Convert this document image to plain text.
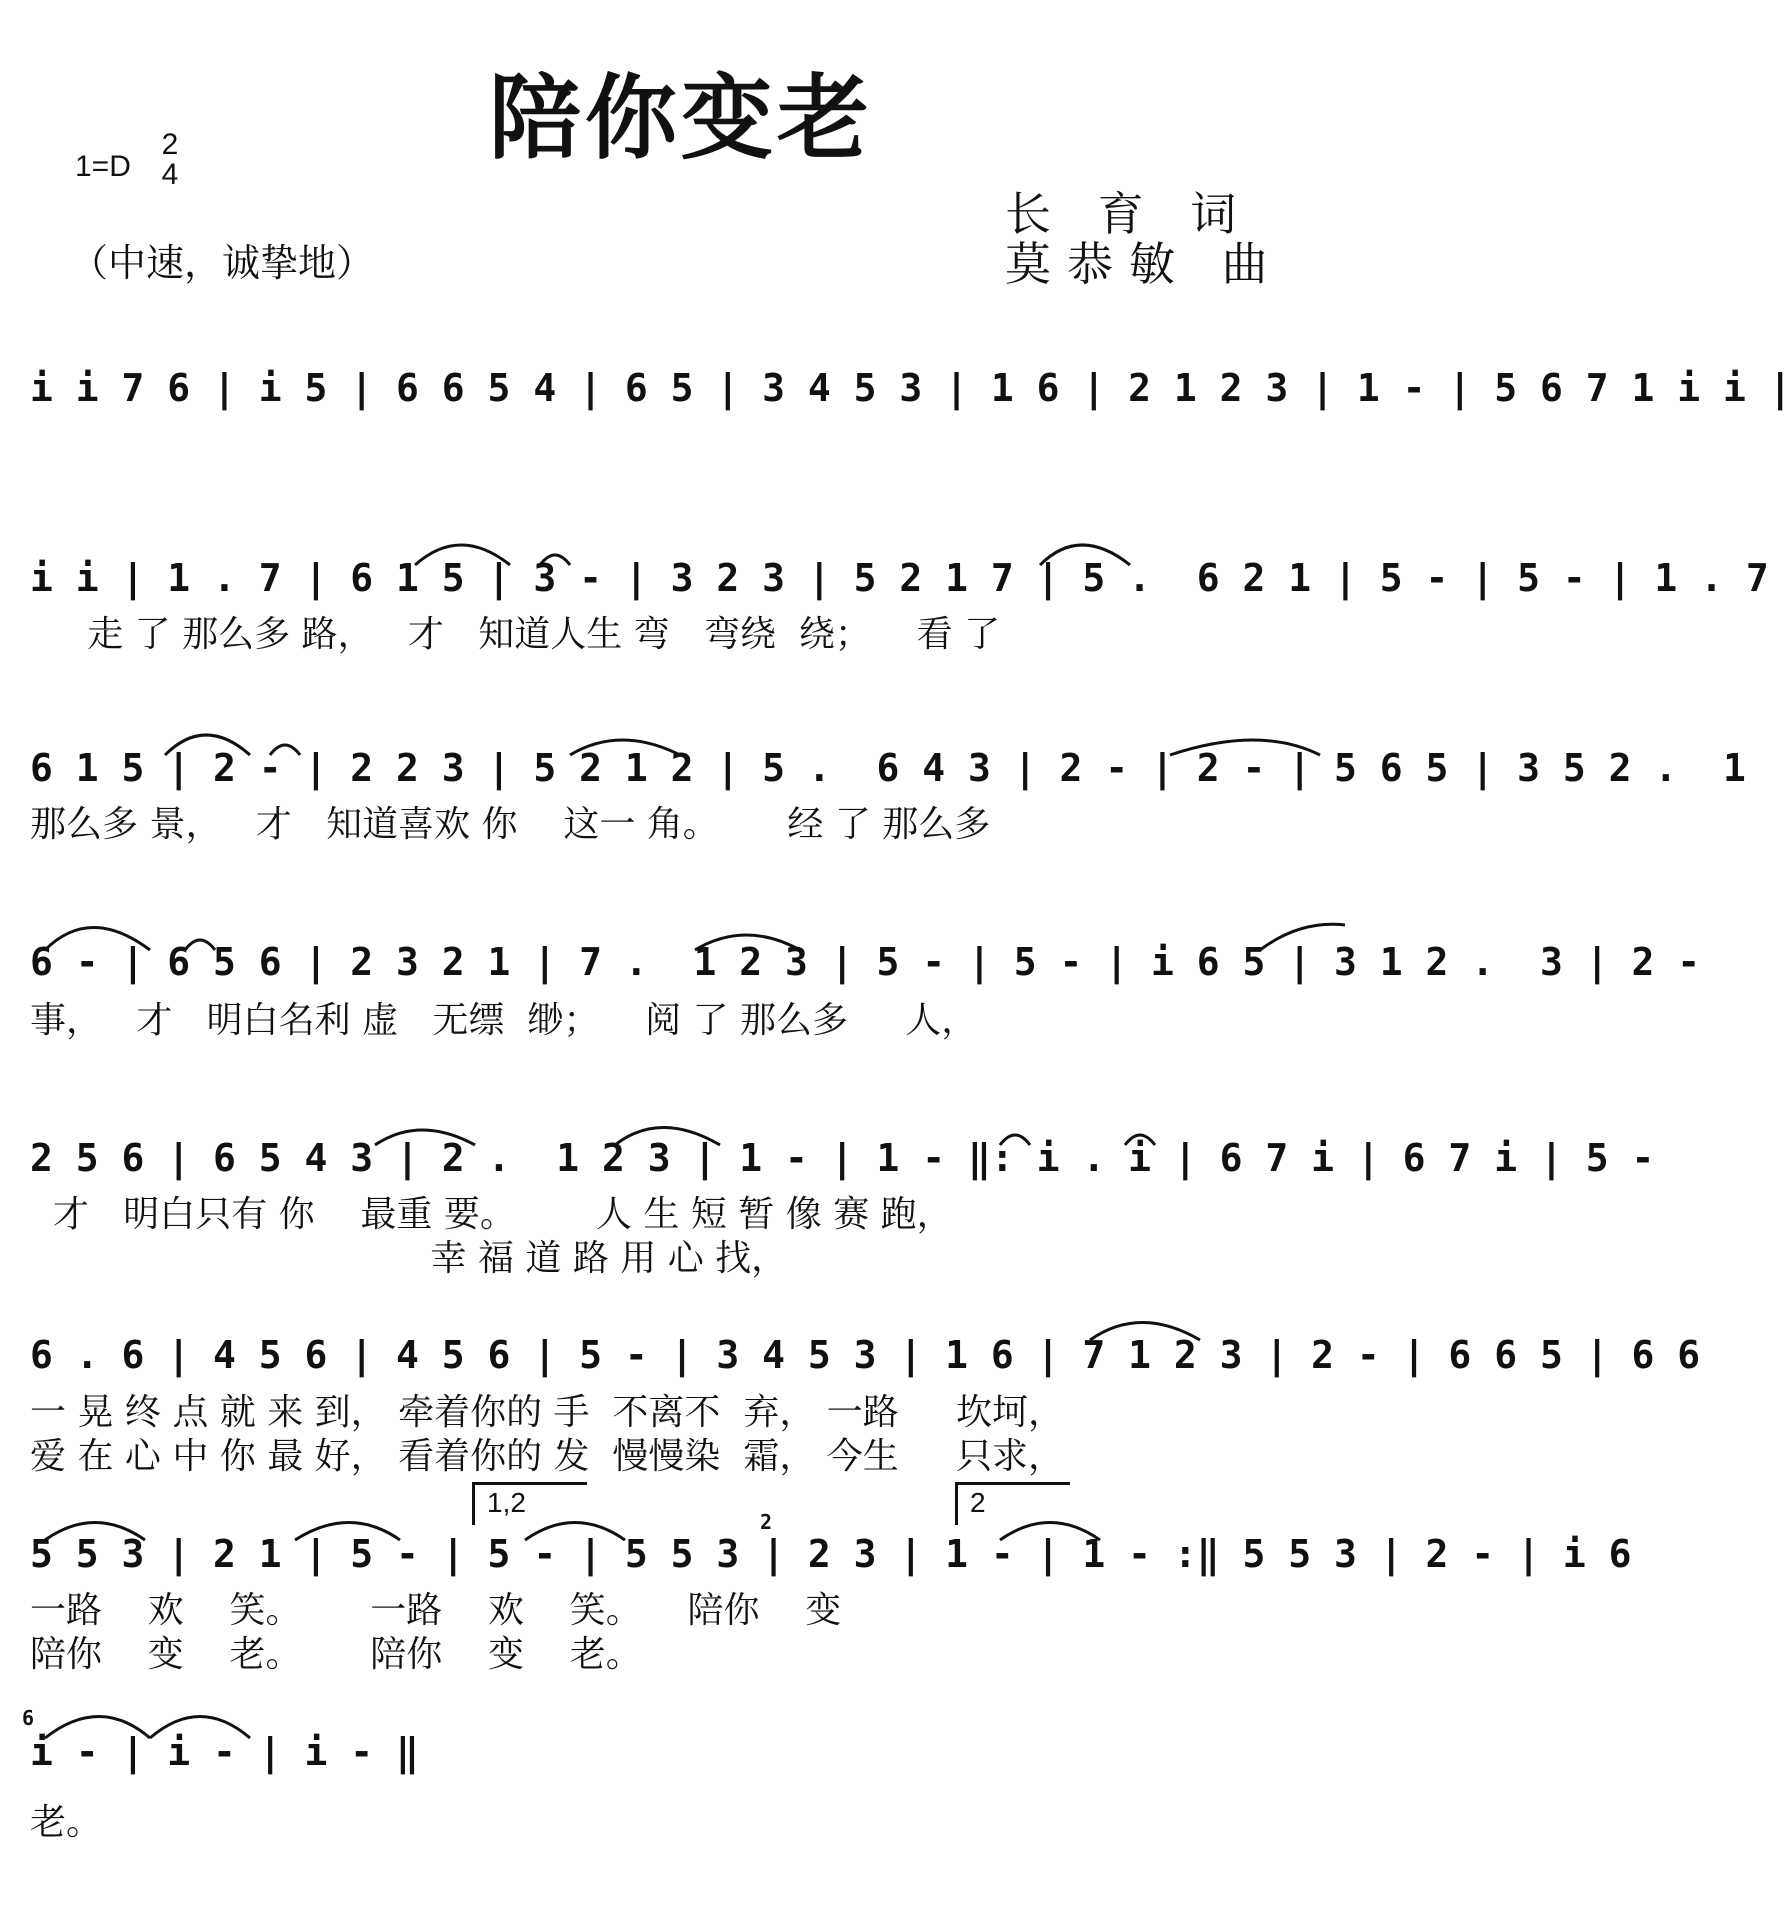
陪你变老
1=D
2
4
（中速，诚挚地）
长 育 词
莫恭敏 曲
i i 7 6 | i 5 | 6 6 5 4 | 6 5 | 3 4 5 3 | 1 6 | 2 1 2 3 | 1 - | 5 6 7 1 i i |
i i | 1 . 7 | 6 1 5 | 3 - | 3 2 3 | 5 2 1 7 | 5 .  6 2 1 | 5 - | 5 - | 1 . 7
走 了 那么多 路，   才   知道人生 弯   弯绕  绕；    看 了
6 1 5 | 2 - | 2 2 3 | 5 2 1 2 | 5 .  6 4 3 | 2 - | 2 - | 5 6 5 | 3 5 2 .  1
那么多 景，   才   知道喜欢 你    这一 角。      经 了 那么多
6 - | 6 5 6 | 2 3 2 1 | 7 .  1 2 3 | 5 - | 5 - | i 6 5 | 3 1 2 .  3 | 2 -
事，   才   明白名利 虚   无缥  缈；    阅 了 那么多     人，
2 5 6 | 6 5 4 3 | 2 .  1 2 3 | 1 - | 1 - ‖: i . i | 6 7 i | 6 7 i | 5 -
才   明白只有 你    最重 要。       人 生 短 暂 像 赛 跑，
幸 福 道 路 用 心 找，
6 . 6 | 4 5 6 | 4 5 6 | 5 - | 3 4 5 3 | 1 6 | 7 1 2 3 | 2 - | 6 6 5 | 6 6
一 晃 终 点 就 来 到， 牵着你的 手  不离不  弃， 一路     坎坷，
爱 在 心 中 你 最 好， 看着你的 发  慢慢染  霜， 今生     只求，
1,2	2
2
5 5 3 | 2 1 | 5 - | 5 - | 5 5 3 | 2 3 | 1 - | 1 - :‖ 5 5 3 | 2 - | i 6
一路    欢    笑。      一路    欢    笑。    陪你    变
陪你    变    老。      陪你    变    老。
6
i - | i - | i - ‖
老。
